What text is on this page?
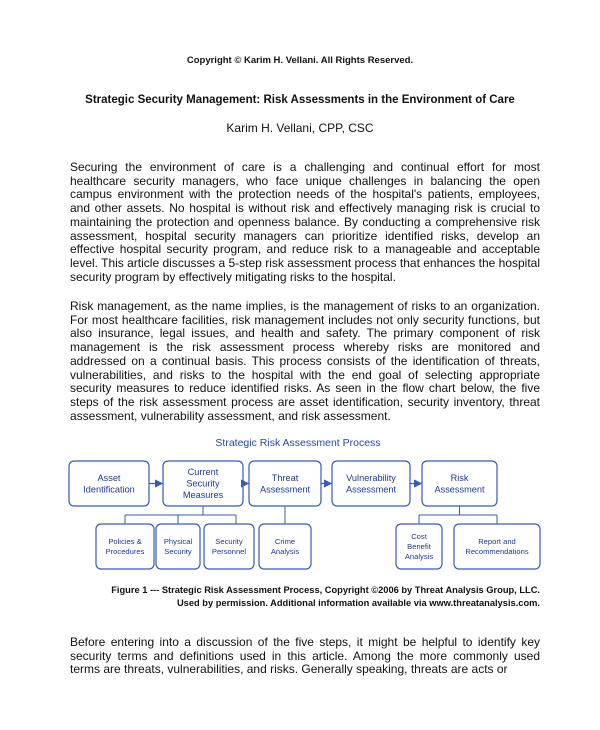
Copyright © Karim H. Vellani. All Rights Reserved.
Strategic Security Management: Risk Assessments in the Environment of Care
Karim H. Vellani, CPP, CSC

Securing the environment of care is a challenging and continual effort for most healthcare security managers, who face unique challenges in balancing the open campus environment with the protection needs of the hospital's patients, employees, and other assets. No hospital is without risk and effectively managing risk is crucial to maintaining the protection and openness balance. By conducting a comprehensive risk assessment, hospital security managers can prioritize identified risks, develop an effective hospital security program, and reduce risk to a manageable and acceptable level. This article discusses a 5-step risk assessment process that enhances the hospital security program by effectively mitigating risks to the hospital.

Risk management, as the name implies, is the management of risks to an organization. For most healthcare facilities, risk management includes not only security functions, but also insurance, legal issues, and health and safety. The primary component of risk management is the risk assessment process whereby risks are monitored and addressed on a continual basis. This process consists of the identification of threats, vulnerabilities, and risks to the hospital with the end goal of selecting appropriate security measures to reduce identified risks. As seen in the flow chart below, the five steps of the risk assessment process are asset identification, security inventory, threat assessment, vulnerability assessment, and risk assessment.

Strategic Risk Assessment Process
Asset Identification
Current Security Measures
Threat Assessment
Vulnerability Assessment
Risk Assessment
Policies & Procedures
Physical Security
Security Personnel
Crime Analysis
Cost Benefit Analysis
Report and Recommendations
Figure 1 --- Strategic Risk Assessment Process, Copyright ©2006 by Threat Analysis Group, LLC.
Used by permission. Additional information available via www.threatanalysis.com.

Before entering into a discussion of the five steps, it might be helpful to identify key security terms and definitions used in this article. Among the more commonly used terms are threats, vulnerabilities, and risks. Generally speaking, threats are acts or
